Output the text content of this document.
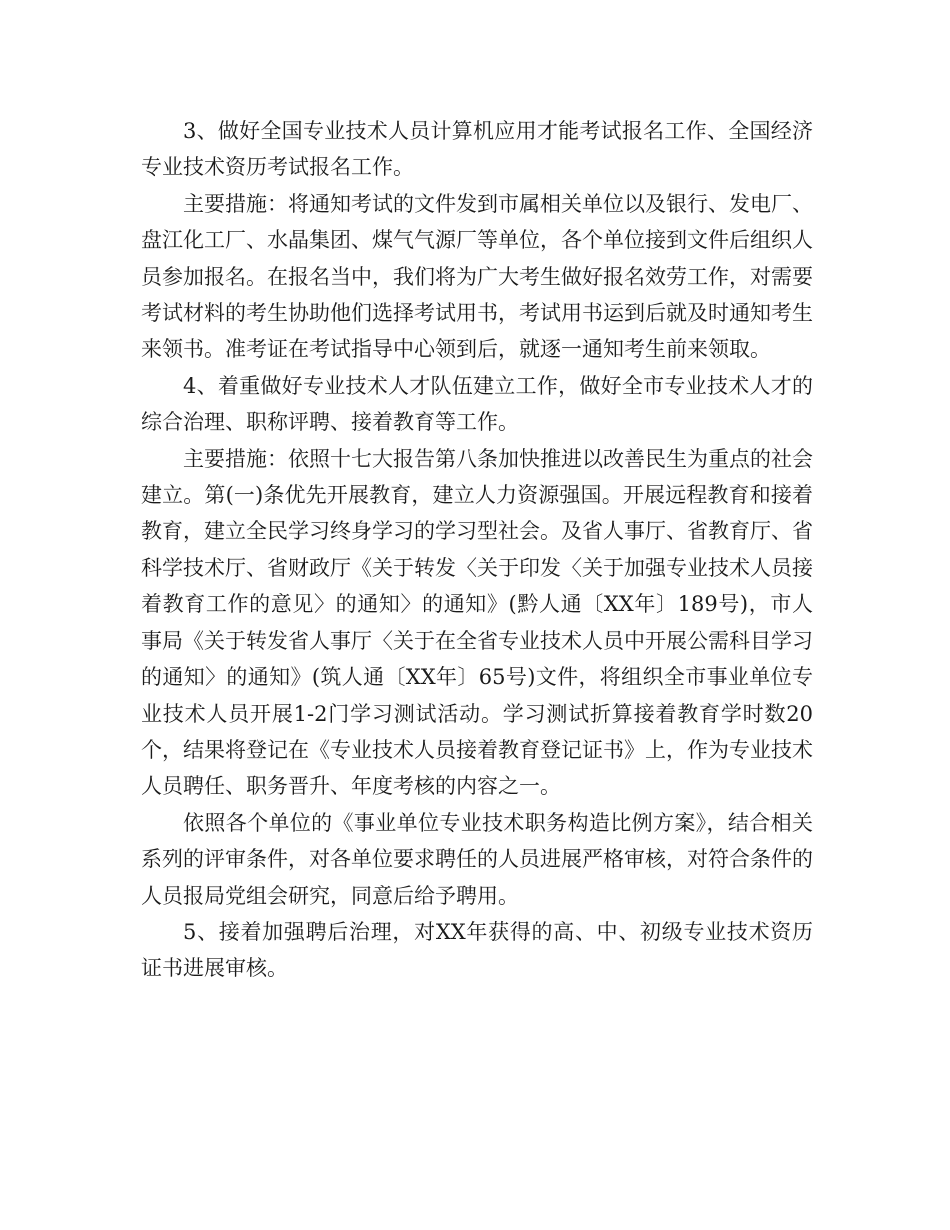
3、做好全国专业技术人员计算机应用才能考试报名工作、全国经济专业技术资历考试报名工作。

主要措施：将通知考试的文件发到市属相关单位以及银行、发电厂、盘江化工厂、水晶集团、煤气气源厂等单位，各个单位接到文件后组织人员参加报名。在报名当中，我们将为广大考生做好报名效劳工作，对需要考试材料的考生协助他们选择考试用书，考试用书运到后就及时通知考生来领书。准考证在考试指导中心领到后，就逐一通知考生前来领取。

4、着重做好专业技术人才队伍建立工作，做好全市专业技术人才的综合治理、职称评聘、接着教育等工作。

主要措施：依照十七大报告第八条加快推进以改善民生为重点的社会建立。第(一)条优先开展教育，建立人力资源强国。开展远程教育和接着教育，建立全民学习终身学习的学习型社会。及省人事厅、省教育厅、省科学技术厅、省财政厅《关于转发〈关于印发〈关于加强专业技术人员接着教育工作的意见〉的通知〉的通知》(黔人通〔XX年〕189号)，市人事局《关于转发省人事厅〈关于在全省专业技术人员中开展公需科目学习的通知〉的通知》(筑人通〔XX年〕65号)文件，将组织全市事业单位专业技术人员开展1-2门学习测试活动。学习测试折算接着教育学时数20个，结果将登记在《专业技术人员接着教育登记证书》上，作为专业技术人员聘任、职务晋升、年度考核的内容之一。

依照各个单位的《事业单位专业技术职务构造比例方案》，结合相关系列的评审条件，对各单位要求聘任的人员进展严格审核，对符合条件的人员报局党组会研究，同意后给予聘用。

5、接着加强聘后治理，对XX年获得的高、中、初级专业技术资历证书进展审核。
